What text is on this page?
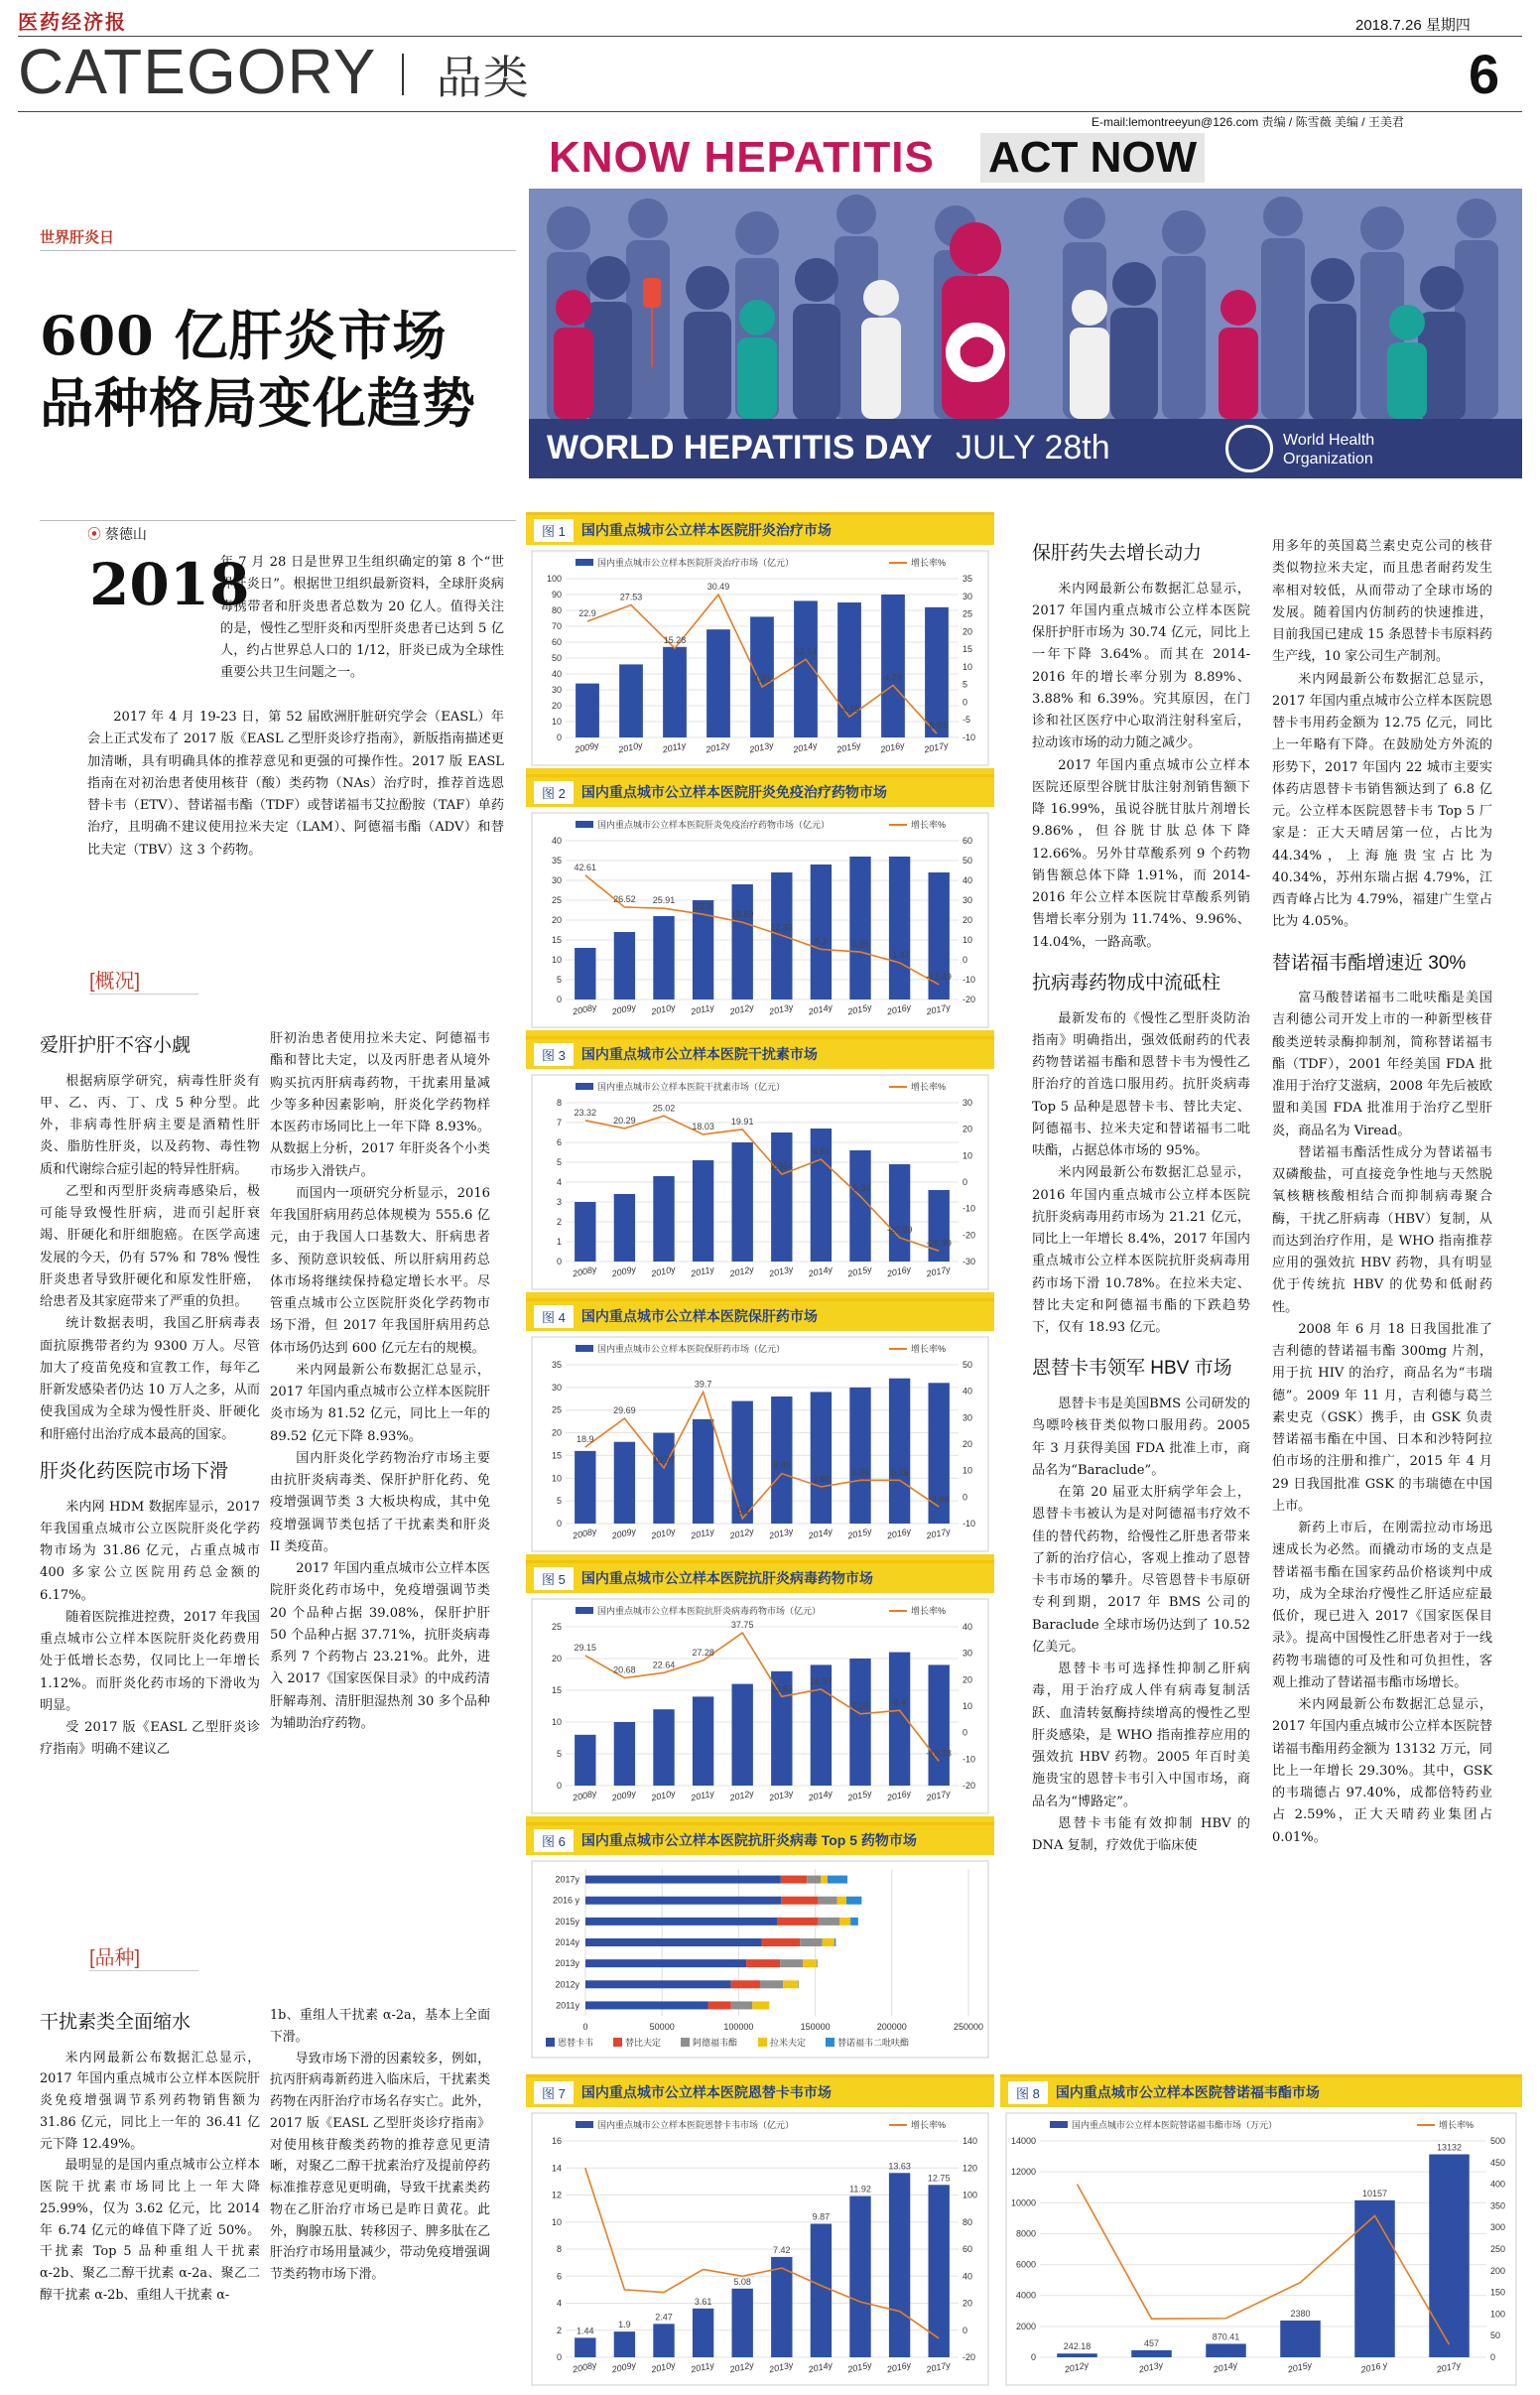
医药经济报	2018.7.26 星期四
CATEGORY 品类	6
E-mail:lemontreeyun@126.com 责编 / 陈雪薇 美编 / 王美君
KNOW HEPATITIS ACT NOW
WORLD HEPATITIS DAY JULY 28th	World Health Organization
世界肝炎日
600 亿肝炎市场
品种格局变化趋势
⦿ 蔡德山
2018

年 7 月 28 日是世界卫生组织确定的第 8 个“世界肝炎日”。根据世卫组织最新资料，全球肝炎病毒携带者和肝炎患者总数为 20 亿人。值得关注的是，慢性乙型肝炎和丙型肝炎患者已达到 5 亿人，约占世界总人口的 1/12，肝炎已成为全球性重要公共卫生问题之一。

2017 年 4 月 19-23 日，第 52 届欧洲肝脏研究学会（EASL）年会上正式发布了 2017 版《EASL 乙型肝炎诊疗指南》，新版指南描述更加清晰，具有明确具体的推荐意见和更强的可操作性。2017 版 EASL 指南在对初治患者使用核苷（酸）类药物（NAs）治疗时，推荐首选恩替卡韦（ETV）、替诺福韦酯（TDF）或替诺福韦艾拉酚胺（TAF）单药治疗，且明确不建议使用拉米夫定（LAM）、阿德福韦酯（ADV）和替比夫定（TBV）这 3 个药物。

[概况]
爱肝护肝不容小觑

根据病原学研究，病毒性肝炎有甲、乙、丙、丁、戊 5 种分型。此外，非病毒性肝病主要是酒精性肝炎、脂肪性肝炎，以及药物、毒性物质和代谢综合症引起的特异性肝病。

乙型和丙型肝炎病毒感染后，极可能导致慢性肝病，进而引起肝衰竭、肝硬化和肝细胞癌。在医学高速发展的今天，仍有 57% 和 78% 慢性肝炎患者导致肝硬化和原发性肝癌，给患者及其家庭带来了严重的负担。

统计数据表明，我国乙肝病毒表面抗原携带者约为 9300 万人。尽管加大了疫苗免疫和宣教工作，每年乙肝新发感染者仍达 10 万人之多，从而使我国成为全球为慢性肝炎、肝硬化和肝癌付出治疗成本最高的国家。

肝炎化药医院市场下滑

米内网 HDM 数据库显示，2017 年我国重点城市公立医院肝炎化学药物市场为 31.86 亿元，占重点城市 400 多家公立医院用药总金额的 6.17%。

随着医院推进控费，2017 年我国重点城市公立样本医院肝炎化药费用处于低增长态势，仅同比上一年增长 1.12%。而肝炎化药市场的下滑收为明显。

受 2017 版《EASL 乙型肝炎诊疗指南》明确不建议乙

肝初治患者使用拉米夫定、阿德福韦酯和替比夫定，以及丙肝患者从境外购买抗丙肝病毒药物，干扰素用量减少等多种因素影响，肝炎化学药物样本医药市场同比上一年下降 8.93%。从数据上分析，2017 年肝炎各个小类市场步入滑铁卢。

而国内一项研究分析显示，2016 年我国肝病用药总体规模为 555.6 亿元，由于我国人口基数大、肝病患者多、预防意识较低、所以肝病用药总体市场将继续保持稳定增长水平。尽管重点城市公立医院肝炎化学药物市场下滑，但 2017 年我国肝病用药总体市场仍达到 600 亿元左右的规模。

米内网最新公布数据汇总显示，2017 年国内重点城市公立样本医院肝炎市场为 81.52 亿元，同比上一年的 89.52 亿元下降 8.93%。

国内肝炎化学药物治疗市场主要由抗肝炎病毒类、保肝护肝化药、免疫增强调节类 3 大板块构成，其中免疫增强调节类包括了干扰素类和肝炎 II 类疫苗。

2017 年国内重点城市公立样本医院肝炎化药市场中，免疫增强调节类 20 个品种占据 39.08%，保肝护肝 50 个品种占据 37.71%，抗肝炎病毒系列 7 个药物占 23.21%。此外，进入 2017《国家医保目录》的中成药清肝解毒剂、清肝胆湿热剂 30 多个品种为辅助治疗药物。

[品种]
干扰素类全面缩水

米内网最新公布数据汇总显示，2017 年国内重点城市公立样本医院肝炎免疫增强调节系列药物销售额为 31.86 亿元，同比上一年的 36.41 亿元下降 12.49%。

最明显的是国内重点城市公立样本医院干扰素市场同比上一年大降 25.99%，仅为 3.62 亿元，比 2014 年 6.74 亿元的峰值下降了近 50%。干扰素 Top 5 品种重组人干扰素 α-2b、聚乙二醇干扰素 α-2a、聚乙二醇干扰素 α-2b、重组人干扰素 α-

1b、重组人干扰素 α-2a，基本上全面下滑。

导致市场下滑的因素较多，例如，抗丙肝病毒新药进入临床后，干扰素类药物在丙肝治疗市场名存实亡。此外，2017 版《EASL 乙型肝炎诊疗指南》对使用核苷酸类药物的推荐意见更清晰，对聚乙二醇干扰素治疗及提前停药标准推荐意见更明确，导致干扰素类药物在乙肝治疗市场已是昨日黄花。此外，胸腺五肽、转移因子、脾多肽在乙肝治疗市场用量减少，带动免疫增强调节类药物市场下滑。

保肝药失去增长动力

米内网最新公布数据汇总显示，2017 年国内重点城市公立样本医院保肝护肝市场为 30.74 亿元，同比上一年下降 3.64%。而其在 2014-2016 年的增长率分别为 8.89%、3.88% 和 6.39%。究其原因，在门诊和社区医疗中心取消注射科室后，拉动该市场的动力随之减少。

2017 年国内重点城市公立样本医院还原型谷胱甘肽注射剂销售额下降 16.99%，虽说谷胱甘肽片剂增长 9.86%，但谷胱甘肽总体下降 12.66%。另外甘草酸系列 9 个药物销售额总体下降 1.91%，而 2014-2016 年公立样本医院甘草酸系列销售增长率分别为 11.74%、9.96%、14.04%，一路高歌。

抗病毒药物成中流砥柱

最新发布的《慢性乙型肝炎防治指南》明确指出，强效低耐药的代表药物替诺福韦酯和恩替卡韦为慢性乙肝治疗的首选口服用药。抗肝炎病毒 Top 5 品种是恩替卡韦、替比夫定、阿德福韦、拉米夫定和替诺福韦二吡呋酯，占据总体市场的 95%。

米内网最新公布数据汇总显示，2016 年国内重点城市公立样本医院抗肝炎病毒用药市场为 21.21 亿元，同比上一年增长 8.4%，2017 年国内重点城市公立样本医院抗肝炎病毒用药市场下滑 10.78%。在拉米夫定、替比夫定和阿德福韦酯的下跌趋势下，仅有 18.93 亿元。

恩替卡韦领军 HBV 市场

恩替卡韦是美国BMS 公司研发的鸟嘌呤核苷类似物口服用药。2005 年 3 月获得美国 FDA 批准上市，商品名为“Baraclude”。

在第 20 届亚太肝病学年会上，恩替卡韦被认为是对阿德福韦疗效不佳的替代药物，给慢性乙肝患者带来了新的治疗信心，客观上推动了恩替卡韦市场的攀升。尽管恩替卡韦原研专利到期，2017 年 BMS 公司的 Baraclude 全球市场仍达到了 10.52 亿美元。

恩替卡韦可选择性抑制乙肝病毒，用于治疗成人伴有病毒复制活跃、血清转氨酶持续增高的慢性乙型肝炎感染，是 WHO 指南推荐应用的强效抗 HBV 药物。2005 年百时美施贵宝的恩替卡韦引入中国市场，商品名为“博路定”。

恩替卡韦能有效抑制 HBV 的 DNA 复制，疗效优于临床使

用多年的英国葛兰素史克公司的核苷类似物拉米夫定，而且患者耐药发生率相对较低，从而带动了全球市场的发展。随着国内仿制药的快速推进，目前我国已建成 15 条恩替卡韦原料药生产线，10 家公司生产制剂。

米内网最新公布数据汇总显示，2017 年国内重点城市公立样本医院恩替卡韦用药金额为 12.75 亿元，同比上一年略有下降。在鼓励处方外流的形势下，2017 年国内 22 城市主要实体药店恩替卡韦销售额达到了 6.8 亿元。公立样本医院恩替卡韦 Top 5 厂家是：正大天晴居第一位，占比为 44.34%，上海施贵宝占比为 40.34%，苏州东瑞占据 4.79%，江西青峰占比为 4.79%，福建广生堂占比为 4.05%。

替诺福韦酯增速近 30%

富马酸替诺福韦二吡呋酯是美国吉利德公司开发上市的一种新型核苷酸类逆转录酶抑制剂，简称替诺福韦酯（TDF），2001 年经美国 FDA 批准用于治疗艾滋病，2008 年先后被欧盟和美国 FDA 批准用于治疗乙型肝炎，商品名为 Viread。

替诺福韦酯活性成分为替诺福韦双磷酸盐，可直接竞争性地与天然脱氧核糖核酸相结合而抑制病毒聚合酶，干扰乙肝病毒（HBV）复制，从而达到治疗作用，是 WHO 指南推荐应用的强效抗 HBV 药物，具有明显优于传统抗 HBV 的优势和低耐药性。

2008 年 6 月 18 日我国批准了吉利德的替诺福韦酯 300mg 片剂，用于抗 HIV 的治疗，商品名为“韦瑞德”。2009 年 11 月，吉利德与葛兰素史克（GSK）携手，由 GSK 负责替诺福韦酯在中国、日本和沙特阿拉伯市场的注册和推广，2015 年 4 月 29 日我国批准 GSK 的韦瑞德在中国上市。

新药上市后，在刚需拉动市场迅速成长为必然。而撬动市场的支点是替诺福韦酯在国家药品价格谈判中成功，成为全球治疗慢性乙肝适应症最低价，现已进入 2017《国家医保目录》。提高中国慢性乙肝患者对于一线药物韦瑞德的可及性和可负担性，客观上推动了替诺福韦酯市场增长。

米内网最新公布数据汇总显示，2017 年国内重点城市公立样本医院替诺福韦酯用药金额为 13132 万元，同比上一年增长 29.30%。其中，GSK 的韦瑞德占 97.40%，成都倍特药业占 2.59%，正大天晴药业集团占 0.01%。

图 1	国内重点城市公立样本医院肝炎治疗市场
国内重点城市公立样本医院肝炎治疗市场（亿元）	增长率%
0
10
20
30
40
50
60
70
80
90
100
-10
-5
0
5
10
15
20
25
30
35
2009y 2010y 2011y 2012y 2013y 2014y 2015y 2016y 2017y
22.9
27.53
15.28
30.49
4.31
12.14
-4.15
4.79
-8.93
图 2	国内重点城市公立样本医院肝炎免疫治疗药物市场
国内重点城市公立样本医院肝炎免疫治疗药物市场（亿元）	增长率%
0
5
10
15
20
25
30
35
40
-20
-10
0
10
20
30
40
50
60
2008y 2009y 2010y 2011y 2012y 2013y 2014y 2015y 2016y 2017y
42.61
26.52 25.91
22.9
18.89
12.33
5.3	3.95
-1.47
-12.49
图 3	国内重点城市公立样本医院干扰素市场
国内重点城市公立样本医院干扰素市场（亿元）	增长率%
0
1
2
3
4
5
6
7
8
-30
-20
-10
0
10
20
30
2008y 2009y 2010y 2011y 2012y 2013y 2014y 2015y 2016y 2017y
23.32
20.29
25.02
18.03
19.91
2.954
8.61
-5.34
-20.99
-25.99
图 4	国内重点城市公立样本医院保肝药市场
国内重点城市公立样本医院保肝药市场（亿元）	增长率%
0
5
10
15
20
25
30
35
-10
0
10
20
30
40
50
2008y 2009y 2010y 2011y 2012y 2013y 2014y 2015y 2016y 2017y
18.9
29.69
10.97
39.7
-8.1
8.89
3.88
6.39 6.39
-3.64
图 5	国内重点城市公立样本医院抗肝炎病毒药物市场
国内重点城市公立样本医院抗肝炎病毒药物市场（亿元）	增长率%
0
5
10
15
20
25
-20
-10
0
10
20
30
40
2008y 2009y 2010y 2011y 2012y 2013y 2014y 2015y 2016y 2017y
29.15
20.68
22.64
27.28
37.75
13.63
16.37
7.06	8.4
-10.78
图 6	国内重点城市公立样本医院抗肝炎病毒 Top 5 药物市场
0	50000	100000	150000	200000	250000
2017y
2016 y
2015y
2014y
2013y
2012y
2011y
恩替卡韦	替比夫定	阿德福韦酯	拉米夫定	替诺福韦二吡呋酯
图 7	国内重点城市公立样本医院恩替卡韦市场
国内重点城市公立样本医院恩替卡韦市场（亿元）	增长率%
0
2
4
6
8
10
12
14
16
-20
0
20
40
60
80
100
120
140
2008y 2009y 2010y 2011y 2012y 2013y 2014y 2015y 2016y 2017y
1.44
1.9
2.47
3.61
5.08
7.42
9.87
11.92
13.63
12.75
图 8	国内重点城市公立样本医院替诺福韦酯市场
国内重点城市公立样本医院替诺福韦酯市场（万元）	增长率%
0
2000
4000
6000
8000
10000
12000
14000
0
50
100
150
200
250
300
350
400
450
500
2012y	2013y	2014y	2015y	2016 y	2017y
242.18	457
870.41
2380
10157
13132
